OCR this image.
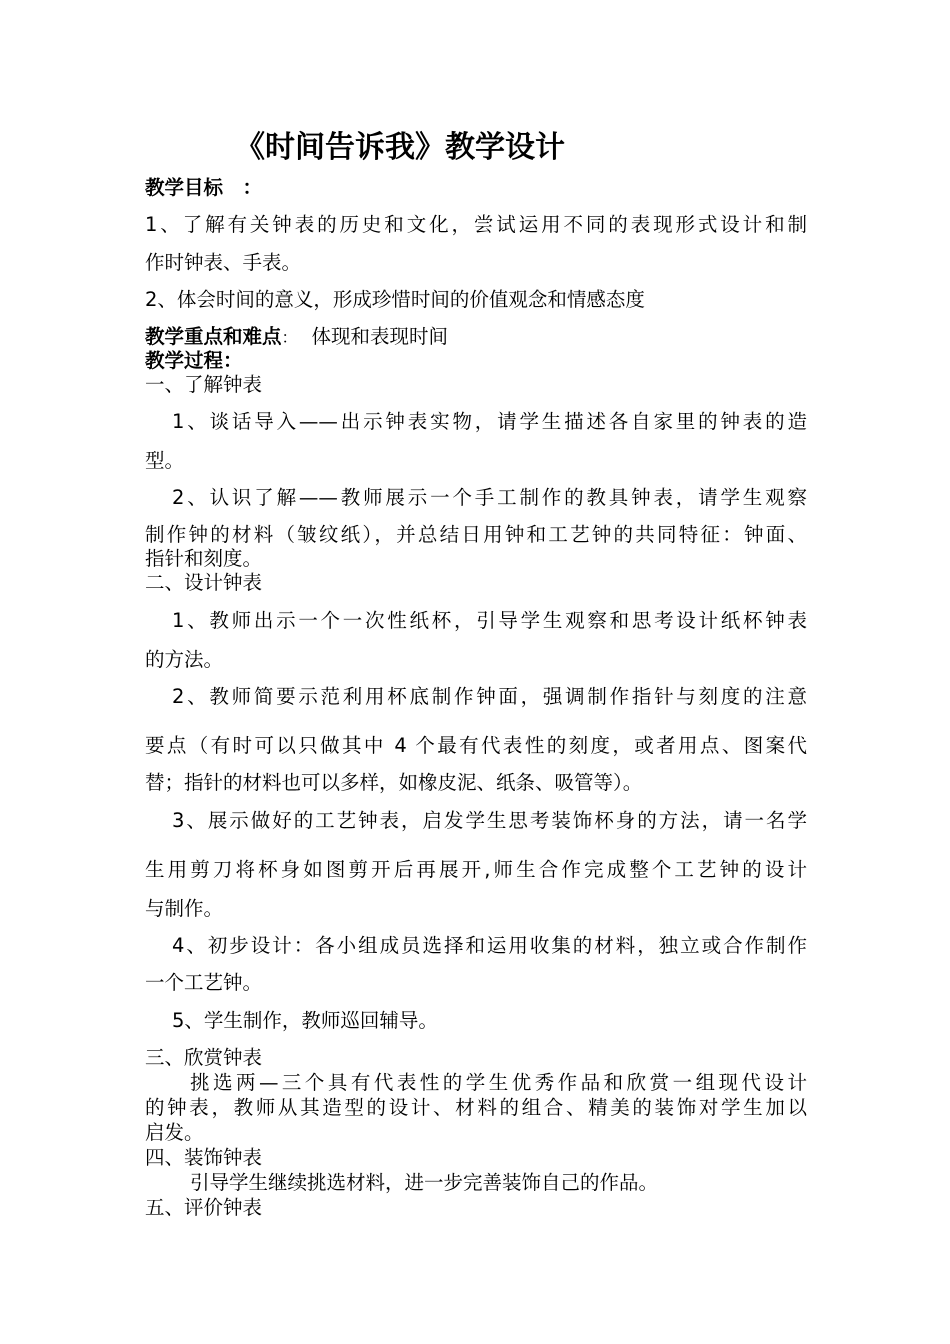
《时间告诉我》教学设计

教学目标　：

1、了解有关钟表的历史和文化，尝试运用不同的表现形式设计和制

作时钟表、手表。

2、体会时间的意义，形成珍惜时间的价值观念和情感态度

教学重点和难点： 体现和表现时间

教学过程：

一、了解钟表

1、谈话导入——出示钟表实物，请学生描述各自家里的钟表的造

型。

2、认识了解——教师展示一个手工制作的教具钟表，请学生观察

制作钟的材料（皱纹纸），并总结日用钟和工艺钟的共同特征：钟面、

指针和刻度。

二、设计钟表

1、教师出示一个一次性纸杯，引导学生观察和思考设计纸杯钟表

的方法。

2、教师简要示范利用杯底制作钟面，强调制作指针与刻度的注意

要点（有时可以只做其中 4 个最有代表性的刻度，或者用点、图案代

替；指针的材料也可以多样，如橡皮泥、纸条、吸管等）。

3、展示做好的工艺钟表，启发学生思考装饰杯身的方法，请一名学

生用剪刀将杯身如图剪开后再展开,师生合作完成整个工艺钟的设计

与制作。

4、初步设计：各小组成员选择和运用收集的材料，独立或合作制作

一个工艺钟。

5、学生制作，教师巡回辅导。

三、欣赏钟表

挑选两—三个具有代表性的学生优秀作品和欣赏一组现代设计

的钟表，教师从其造型的设计、材料的组合、精美的装饰对学生加以

启发。

四、装饰钟表

引导学生继续挑选材料，进一步完善装饰自己的作品。

五、评价钟表
